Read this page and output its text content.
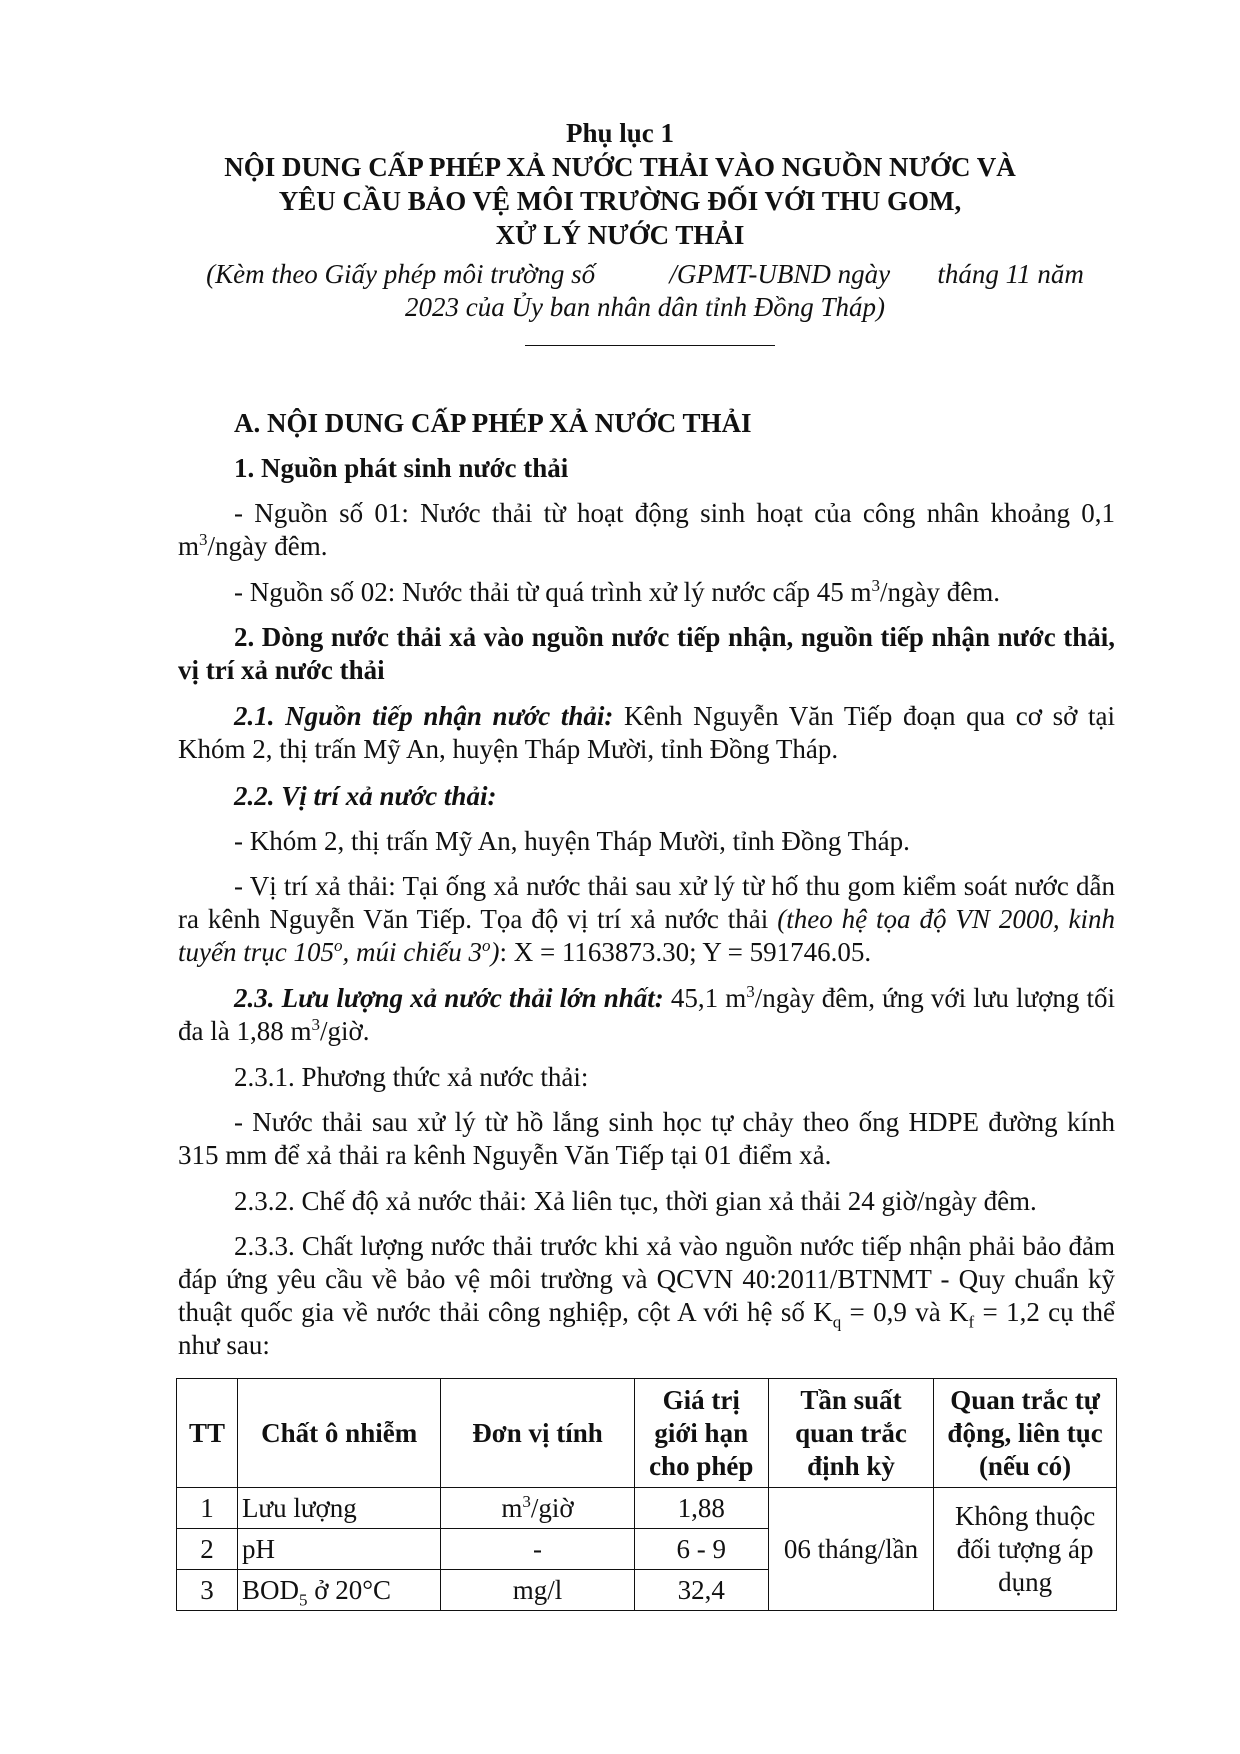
Phụ lục 1

NỘI DUNG CẤP PHÉP XẢ NƯỚC THẢI VÀO NGUỒN NƯỚC VÀ

YÊU CẦU BẢO VỆ MÔI TRƯỜNG ĐỐI VỚI THU GOM,

XỬ LÝ NƯỚC THẢI

(Kèm theo Giấy phép môi trường số           /GPMT-UBND ngày       tháng 11 năm

2023 của Ủy ban nhân dân tỉnh Đồng Tháp)

A. NỘI DUNG CẤP PHÉP XẢ NƯỚC THẢI

1. Nguồn phát sinh nước thải

- Nguồn số 01: Nước thải từ hoạt động sinh hoạt của công nhân khoảng 0,1 $m^3$/ngày đêm.

- Nguồn số 02: Nước thải từ quá trình xử lý nước cấp 45 $m^3$/ngày đêm.

2. Dòng nước thải xả vào nguồn nước tiếp nhận, nguồn tiếp nhận nước thải, vị trí xả nước thải

2.1. Nguồn tiếp nhận nước thải: Kênh Nguyễn Văn Tiếp đoạn qua cơ sở tại Khóm 2, thị trấn Mỹ An, huyện Tháp Mười, tỉnh Đồng Tháp.

2.2. Vị trí xả nước thải:

- Khóm 2, thị trấn Mỹ An, huyện Tháp Mười, tỉnh Đồng Tháp.

- Vị trí xả thải: Tại ống xả nước thải sau xử lý từ hố thu gom kiểm soát nước dẫn ra kênh Nguyễn Văn Tiếp. Tọa độ vị trí xả nước thải (theo hệ tọa độ VN 2000, kinh tuyến trục 105$^o$, múi chiếu 3$^o$): X = 1163873.30; Y = 591746.05.

2.3. Lưu lượng xả nước thải lớn nhất: 45,1 $m^3$/ngày đêm, ứng với lưu lượng tối đa là 1,88 $m^3$/giờ.

2.3.1. Phương thức xả nước thải:

- Nước thải sau xử lý từ hồ lắng sinh học tự chảy theo ống HDPE đường kính 315 mm để xả thải ra kênh Nguyễn Văn Tiếp tại 01 điểm xả.

2.3.2. Chế độ xả nước thải: Xả liên tục, thời gian xả thải 24 giờ/ngày đêm.

2.3.3. Chất lượng nước thải trước khi xả vào nguồn nước tiếp nhận phải bảo đảm đáp ứng yêu cầu về bảo vệ môi trường và QCVN 40:2011/BTNMT - Quy chuẩn kỹ thuật quốc gia về nước thải công nghiệp, cột A với hệ số $K_q = 0,9$ và $K_f = 1,2$ cụ thể như sau:

TT	Chất ô nhiễm	Đơn vị tính	Giá trị giới hạn cho phép	Tần suất quan trắc định kỳ	Quan trắc tự động, liên tục (nếu có)
1	Lưu lượng	$m^3$/giờ	1,88	06 tháng/lần	Không thuộc đối tượng áp dụng
2	pH	-	6 - 9		
3	$BOD_5$ ở 20°C	mg/l	32,4		
